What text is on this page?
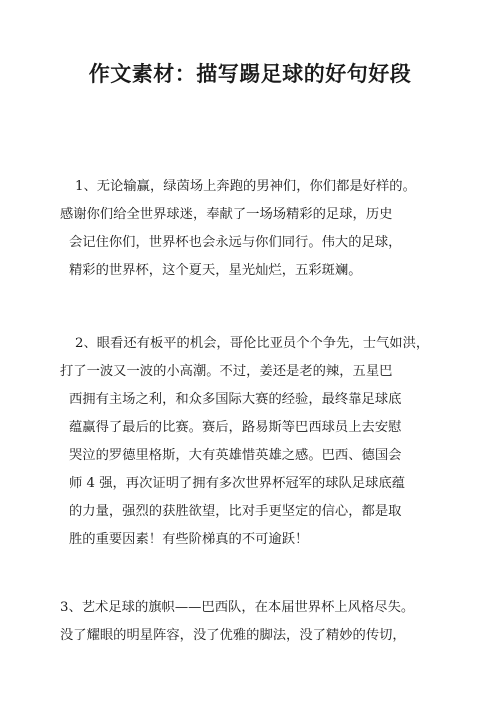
作文素材：描写踢足球的好句好段
1、无论输赢，绿茵场上奔跑的男神们，你们都是好样的。
感谢你们给全世界球迷，奉献了一场场精彩的足球，历史
会记住你们，世界杯也会永远与你们同行。伟大的足球，
精彩的世界杯，这个夏天，星光灿烂，五彩斑斓。
2、眼看还有板平的机会，哥伦比亚员个个争先，士气如洪，
打了一波又一波的小高潮。不过，姜还是老的辣，五星巴
西拥有主场之利，和众多国际大赛的经验，最终靠足球底
蕴赢得了最后的比赛。赛后，路易斯等巴西球员上去安慰
哭泣的罗德里格斯，大有英雄惜英雄之感。巴西、德国会
师 4 强，再次证明了拥有多次世界杯冠军的球队足球底蕴
的力量，强烈的获胜欲望，比对手更坚定的信心，都是取
胜的重要因素！有些阶梯真的不可逾跃！
3、艺术足球的旗帜——巴西队，在本届世界杯上风格尽失。
没了耀眼的明星阵容，没了优雅的脚法，没了精妙的传切，
